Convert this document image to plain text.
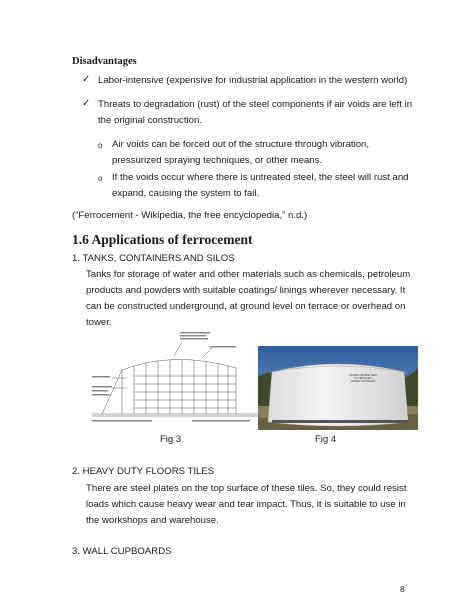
Disadvantages
✓ Labor-intensive (expensive for industrial application in the western world)
✓ Threats to degradation (rust) of the steel components if air voids are left in
the original construction.
o Air voids can be forced out of the structure through vibration,
pressurized spraying techniques, or other means.
o If the voids occur where there is untreated steel, the steel will rust and
expand, causing the system to fail.
(“Ferrocement - Wikipedia, the free encyclopedia,” n.d.)
1.6 Applications of ferrocement
1. TANKS, CONTAINERS AND SILOS
Tanks for storage of water and other materials such as chemicals, petroleum
products and powders with suitable coatings/ linings wherever necessary. It
can be constructed underground, at ground level on terrace or overhead on
tower.
STORM CENTRE TANK
IN CERTIFIED
GRADE CONCRETE
Fig 3	Fig 4
2. HEAVY DUTY FLOORS TILES
There are steel plates on the top surface of these tiles. So, they could resist
loads which cause heavy wear and tear impact. Thus, it is suitable to use in
the workshops and warehouse.
3. WALL CUPBOARDS
8
